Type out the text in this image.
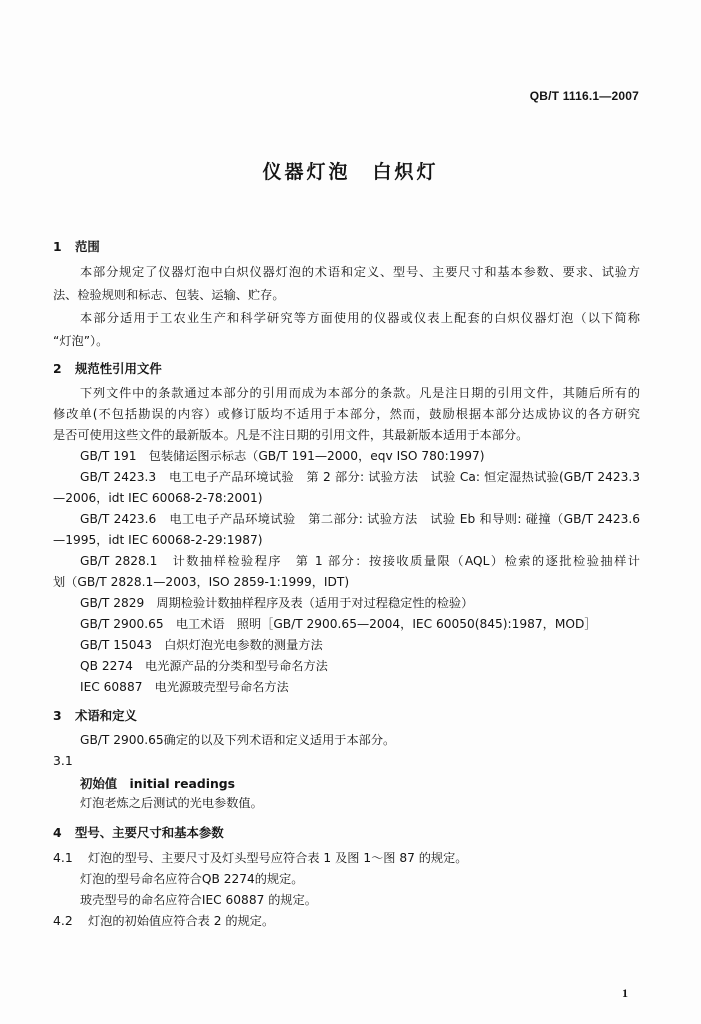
QB/T 1116.1—2007
仪器灯泡　白炽灯
1 范围
本部分规定了仪器灯泡中白炽仪器灯泡的术语和定义、型号、主要尺寸和基本参数、要求、试验方
法、检验规则和标志、包装、运输、贮存。
本部分适用于工农业生产和科学研究等方面使用的仪器或仪表上配套的白炽仪器灯泡（以下简称
“灯泡”）。
2 规范性引用文件
下列文件中的条款通过本部分的引用而成为本部分的条款。凡是注日期的引用文件，其随后所有的
修改单(不包括勘误的内容）或修订版均不适用于本部分，然而，鼓励根据本部分达成协议的各方研究
是否可使用这些文件的最新版本。凡是不注日期的引用文件，其最新版本适用于本部分。
GB/T 191　包装储运图示标志（GB/T 191—2000，eqv ISO 780:1997)
GB/T 2423.3　电工电子产品环境试验　第 2 部分: 试验方法　试验 Ca: 恒定湿热试验(GB/T 2423.3
—2006，idt IEC 60068-2-78:2001)
GB/T 2423.6　电工电子产品环境试验　第二部分: 试验方法　试验 Eb 和导则: 碰撞（GB/T 2423.6
—1995，idt IEC 60068-2-29:1987)
GB/T 2828.1　计数抽样检验程序　第 1 部分：按接收质量限（AQL）检索的逐批检验抽样计
划（GB/T 2828.1—2003，ISO 2859-1:1999，IDT)
GB/T 2829　周期检验计数抽样程序及表（适用于对过程稳定性的检验）
GB/T 2900.65　电工术语　照明［GB/T 2900.65—2004，IEC 60050(845):1987，MOD］
GB/T 15043　白炽灯泡光电参数的测量方法
QB 2274　电光源产品的分类和型号命名方法
IEC 60887　电光源玻壳型号命名方法
3 术语和定义
GB/T 2900.65确定的以及下列术语和定义适用于本部分。
3.1
初始值　initial readings
灯泡老炼之后测试的光电参数值。
4 型号、主要尺寸和基本参数
4.1 灯泡的型号、主要尺寸及灯头型号应符合表 1 及图 1～图 87 的规定。
灯泡的型号命名应符合QB 2274的规定。
玻壳型号的命名应符合IEC 60887 的规定。
4.2 灯泡的初始值应符合表 2 的规定。
1
